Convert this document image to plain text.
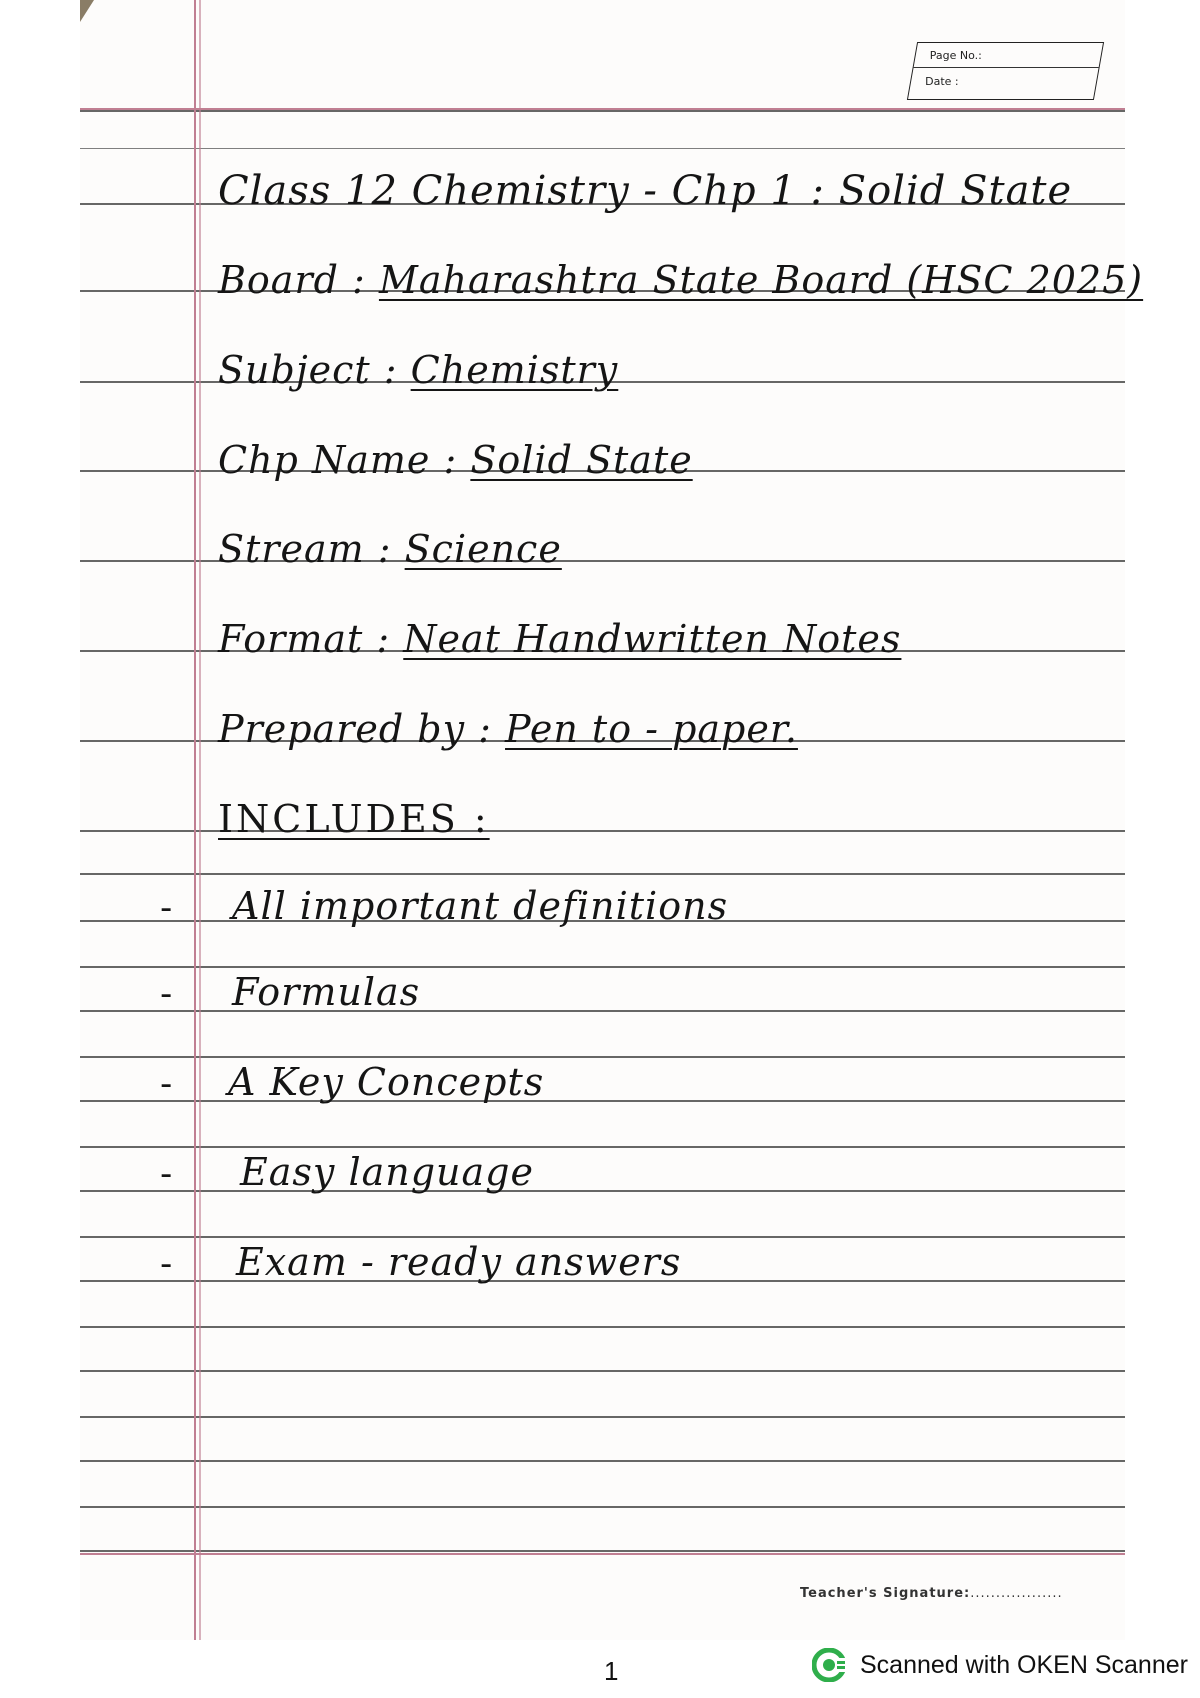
Page No.:
Date :
Class 12 Chemistry - Chp 1 : Solid State
Board : Maharashtra State Board (HSC 2025)
Subject : Chemistry
Chp Name : Solid State
Stream : Science
Format : Neat Handwritten Notes
Prepared by : Pen to - paper.
INCLUDES :
- All important definitions
- Formulas
- A Key Concepts
- Easy language
- Exam - ready answers
Teacher's Signature:..................
1	Scanned with OKEN Scanner
